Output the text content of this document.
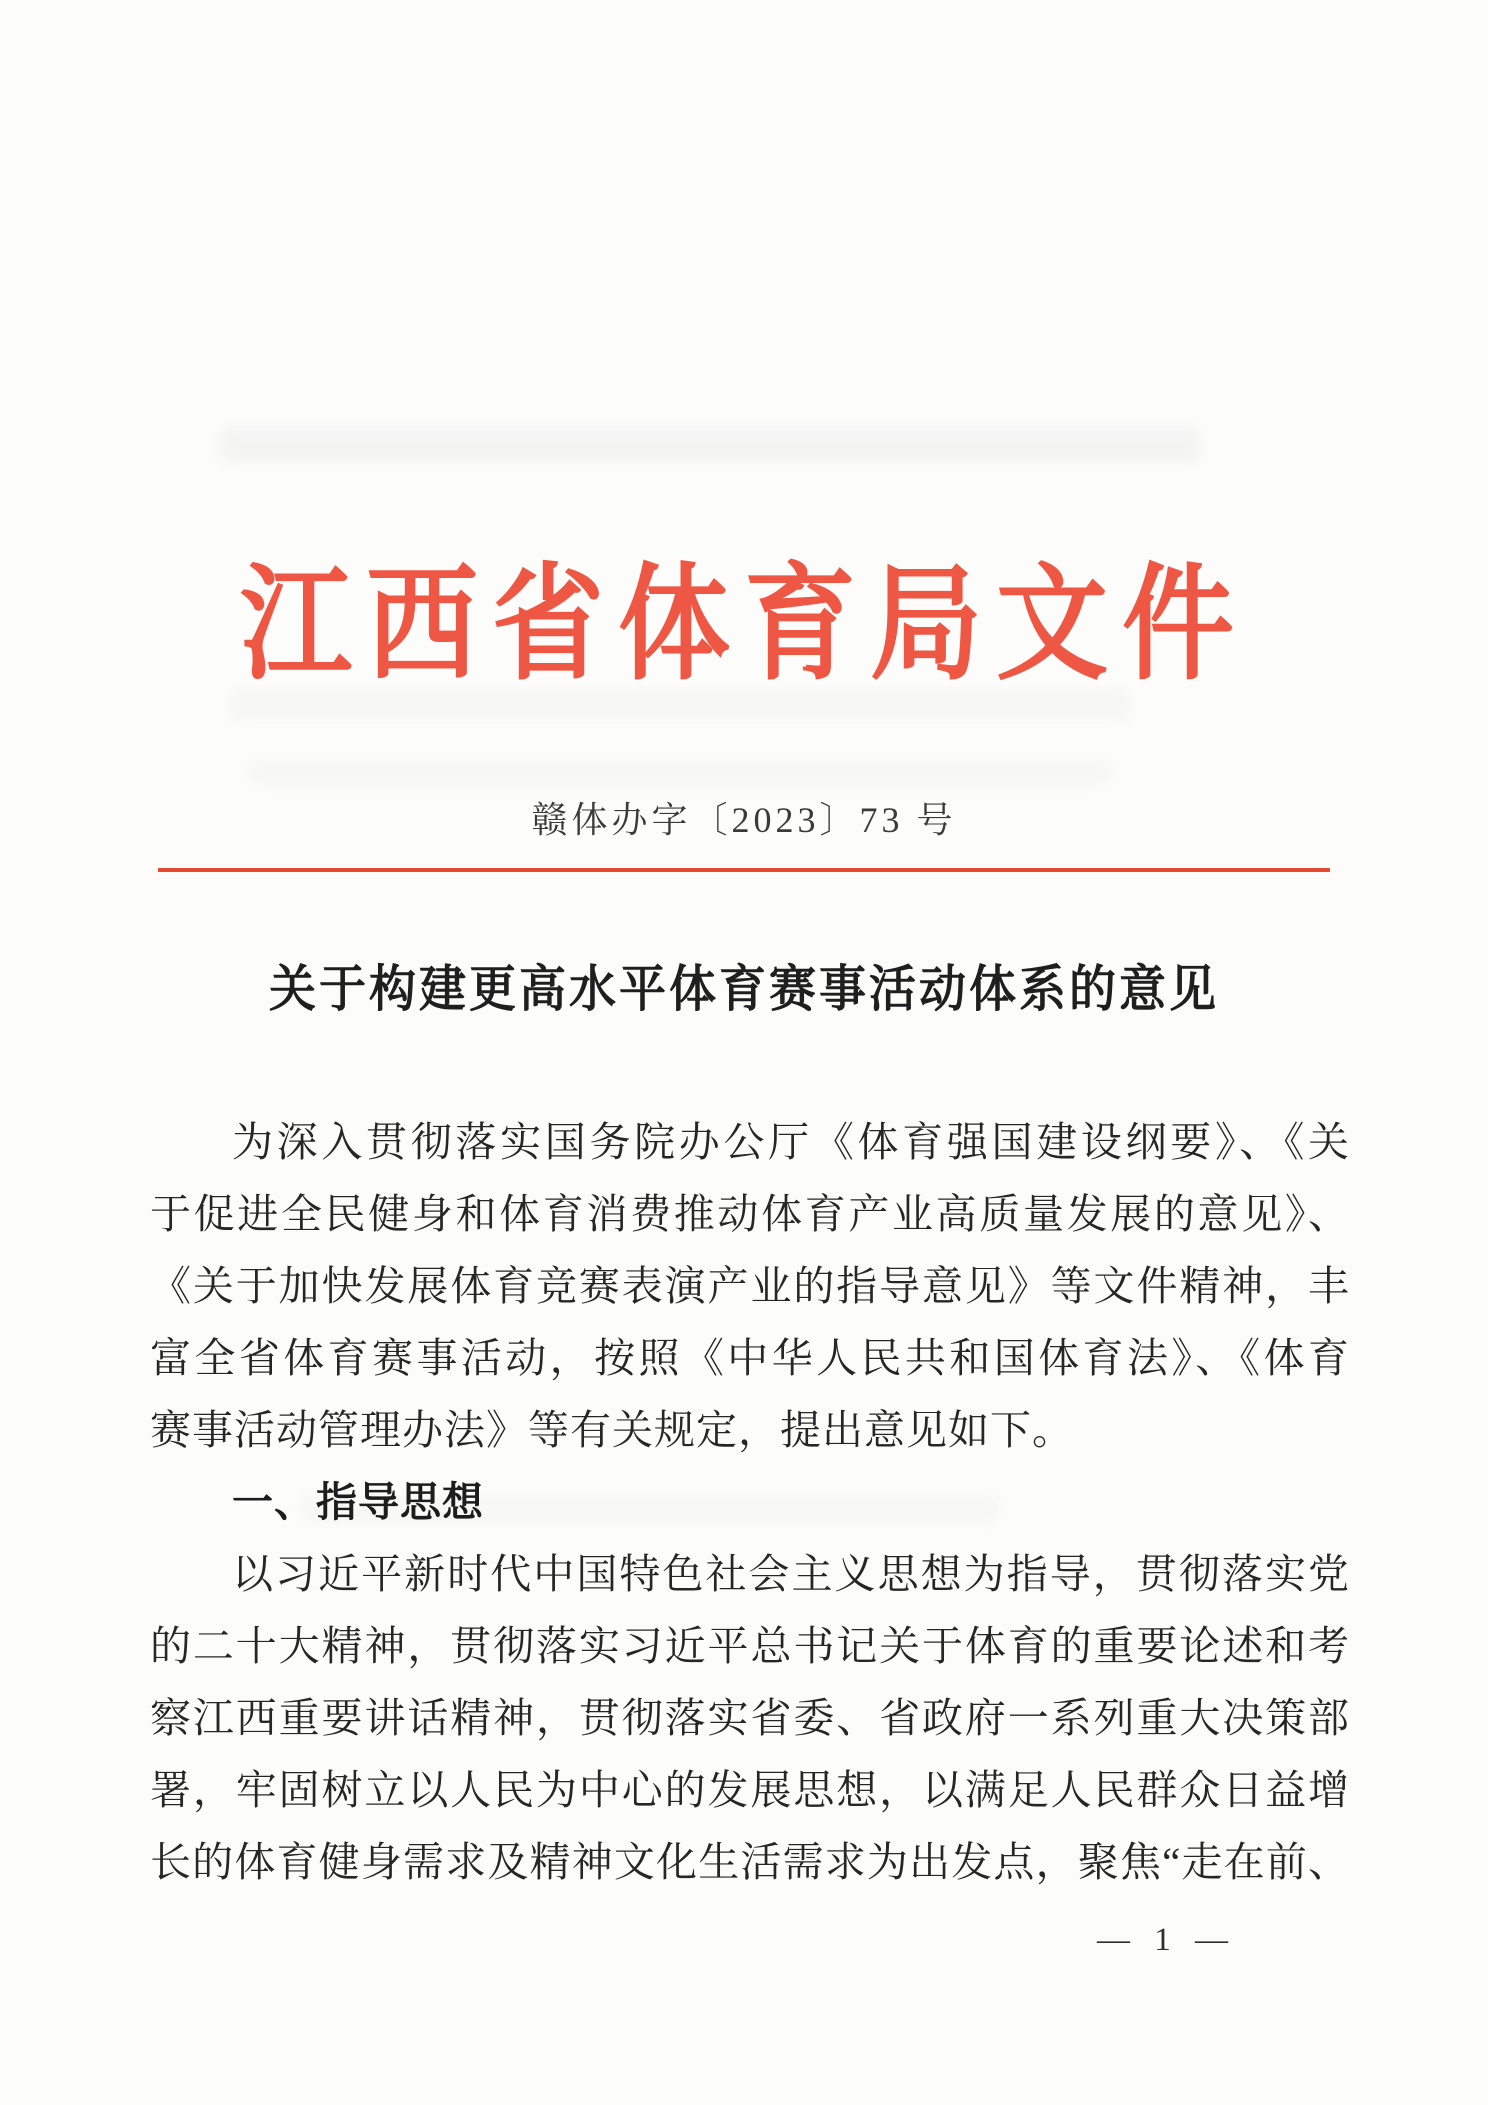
江西省体育局文件
赣体办字〔2023〕73 号
关于构建更高水平体育赛事活动体系的意见
为深入贯彻落实国务院办公厅《体育强国建设纲要》、《关
于促进全民健身和体育消费推动体育产业高质量发展的意见》、
《关于加快发展体育竞赛表演产业的指导意见》等文件精神，丰
富全省体育赛事活动，按照《中华人民共和国体育法》、《体育
赛事活动管理办法》等有关规定，提出意见如下。
一、指导思想
以习近平新时代中国特色社会主义思想为指导，贯彻落实党
的二十大精神，贯彻落实习近平总书记关于体育的重要论述和考
察江西重要讲话精神，贯彻落实省委、省政府一系列重大决策部
署，牢固树立以人民为中心的发展思想，以满足人民群众日益增
长的体育健身需求及精神文化生活需求为出发点，聚焦“走在前、
— 1 —
